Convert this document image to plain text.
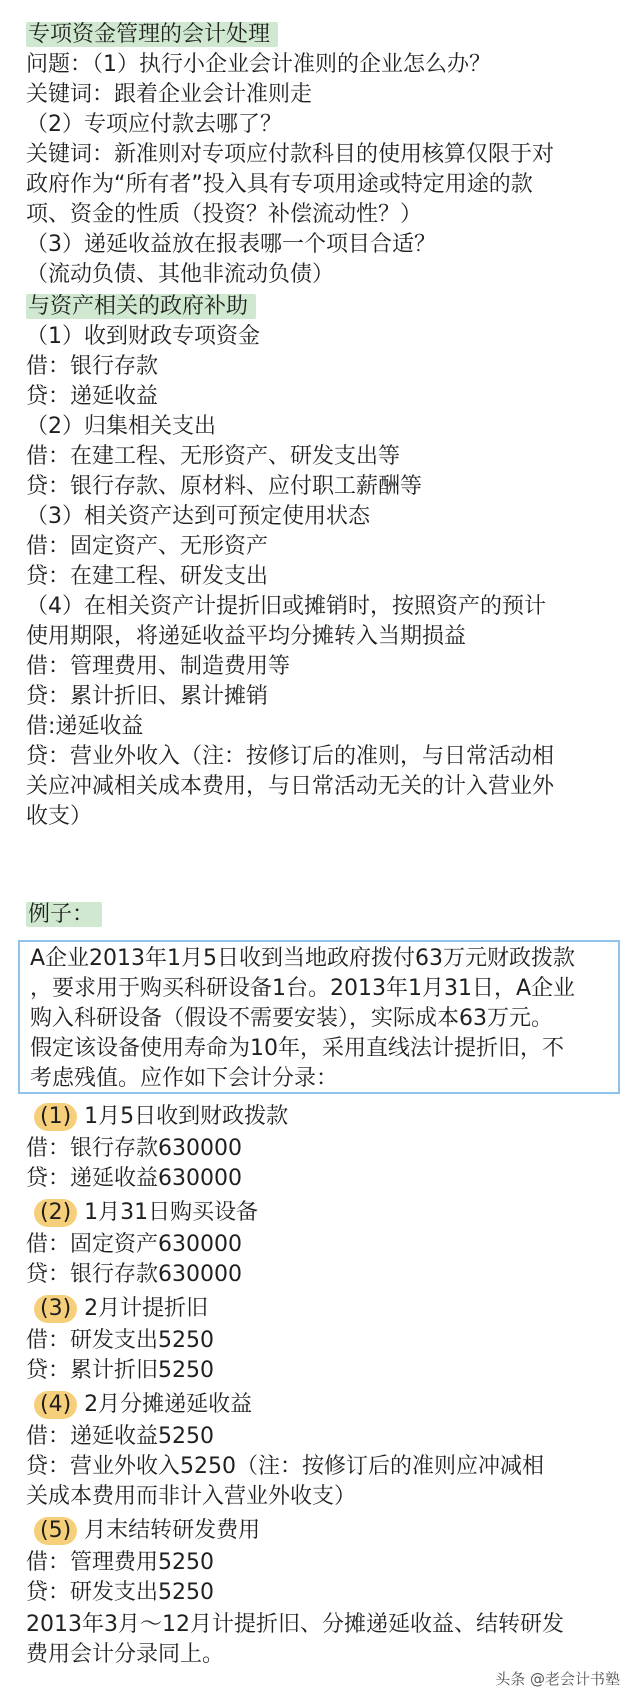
专项资金管理的会计处理
问题：（1）执行小企业会计准则的企业怎么办？
关键词：跟着企业会计准则走
（2）专项应付款去哪了？
关键词：新准则对专项应付款科目的使用核算仅限于对
政府作为“所有者”投入具有专项用途或特定用途的款
项、资金的性质（投资？补偿流动性？）
（3）递延收益放在报表哪一个项目合适？
（流动负债、其他非流动负债）
与资产相关的政府补助
（1）收到财政专项资金
借：银行存款
贷：递延收益
（2）归集相关支出
借：在建工程、无形资产、研发支出等
贷：银行存款、原材料、应付职工薪酬等
（3）相关资产达到可预定使用状态
借：固定资产、无形资产
贷：在建工程、研发支出
（4）在相关资产计提折旧或摊销时，按照资产的预计
使用期限，将递延收益平均分摊转入当期损益
借：管理费用、制造费用等
贷：累计折旧、累计摊销
借:递延收益
贷：营业外收入（注：按修订后的准则，与日常活动相
关应冲减相关成本费用，与日常活动无关的计入营业外
收支）
例子：
A企业2013年1月5日收到当地政府拨付63万元财政拨款
，要求用于购买科研设备1台。2013年1月31日，A企业
购入科研设备（假设不需要安装），实际成本63万元。
假定该设备使用寿命为10年，采用直线法计提折旧，不
考虑残值。应作如下会计分录：
(1) 1月5日收到财政拨款
借：银行存款630000
贷：递延收益630000
(2) 1月31日购买设备
借：固定资产630000
贷：银行存款630000
(3) 2月计提折旧
借：研发支出5250
贷：累计折旧5250
(4) 2月分摊递延收益
借：递延收益5250
贷：营业外收入5250（注：按修订后的准则应冲减相
关成本费用而非计入营业外收支）
(5) 月末结转研发费用
借：管理费用5250
贷：研发支出5250
2013年3月～12月计提折旧、分摊递延收益、结转研发
费用会计分录同上。
头条 @老会计书塾
